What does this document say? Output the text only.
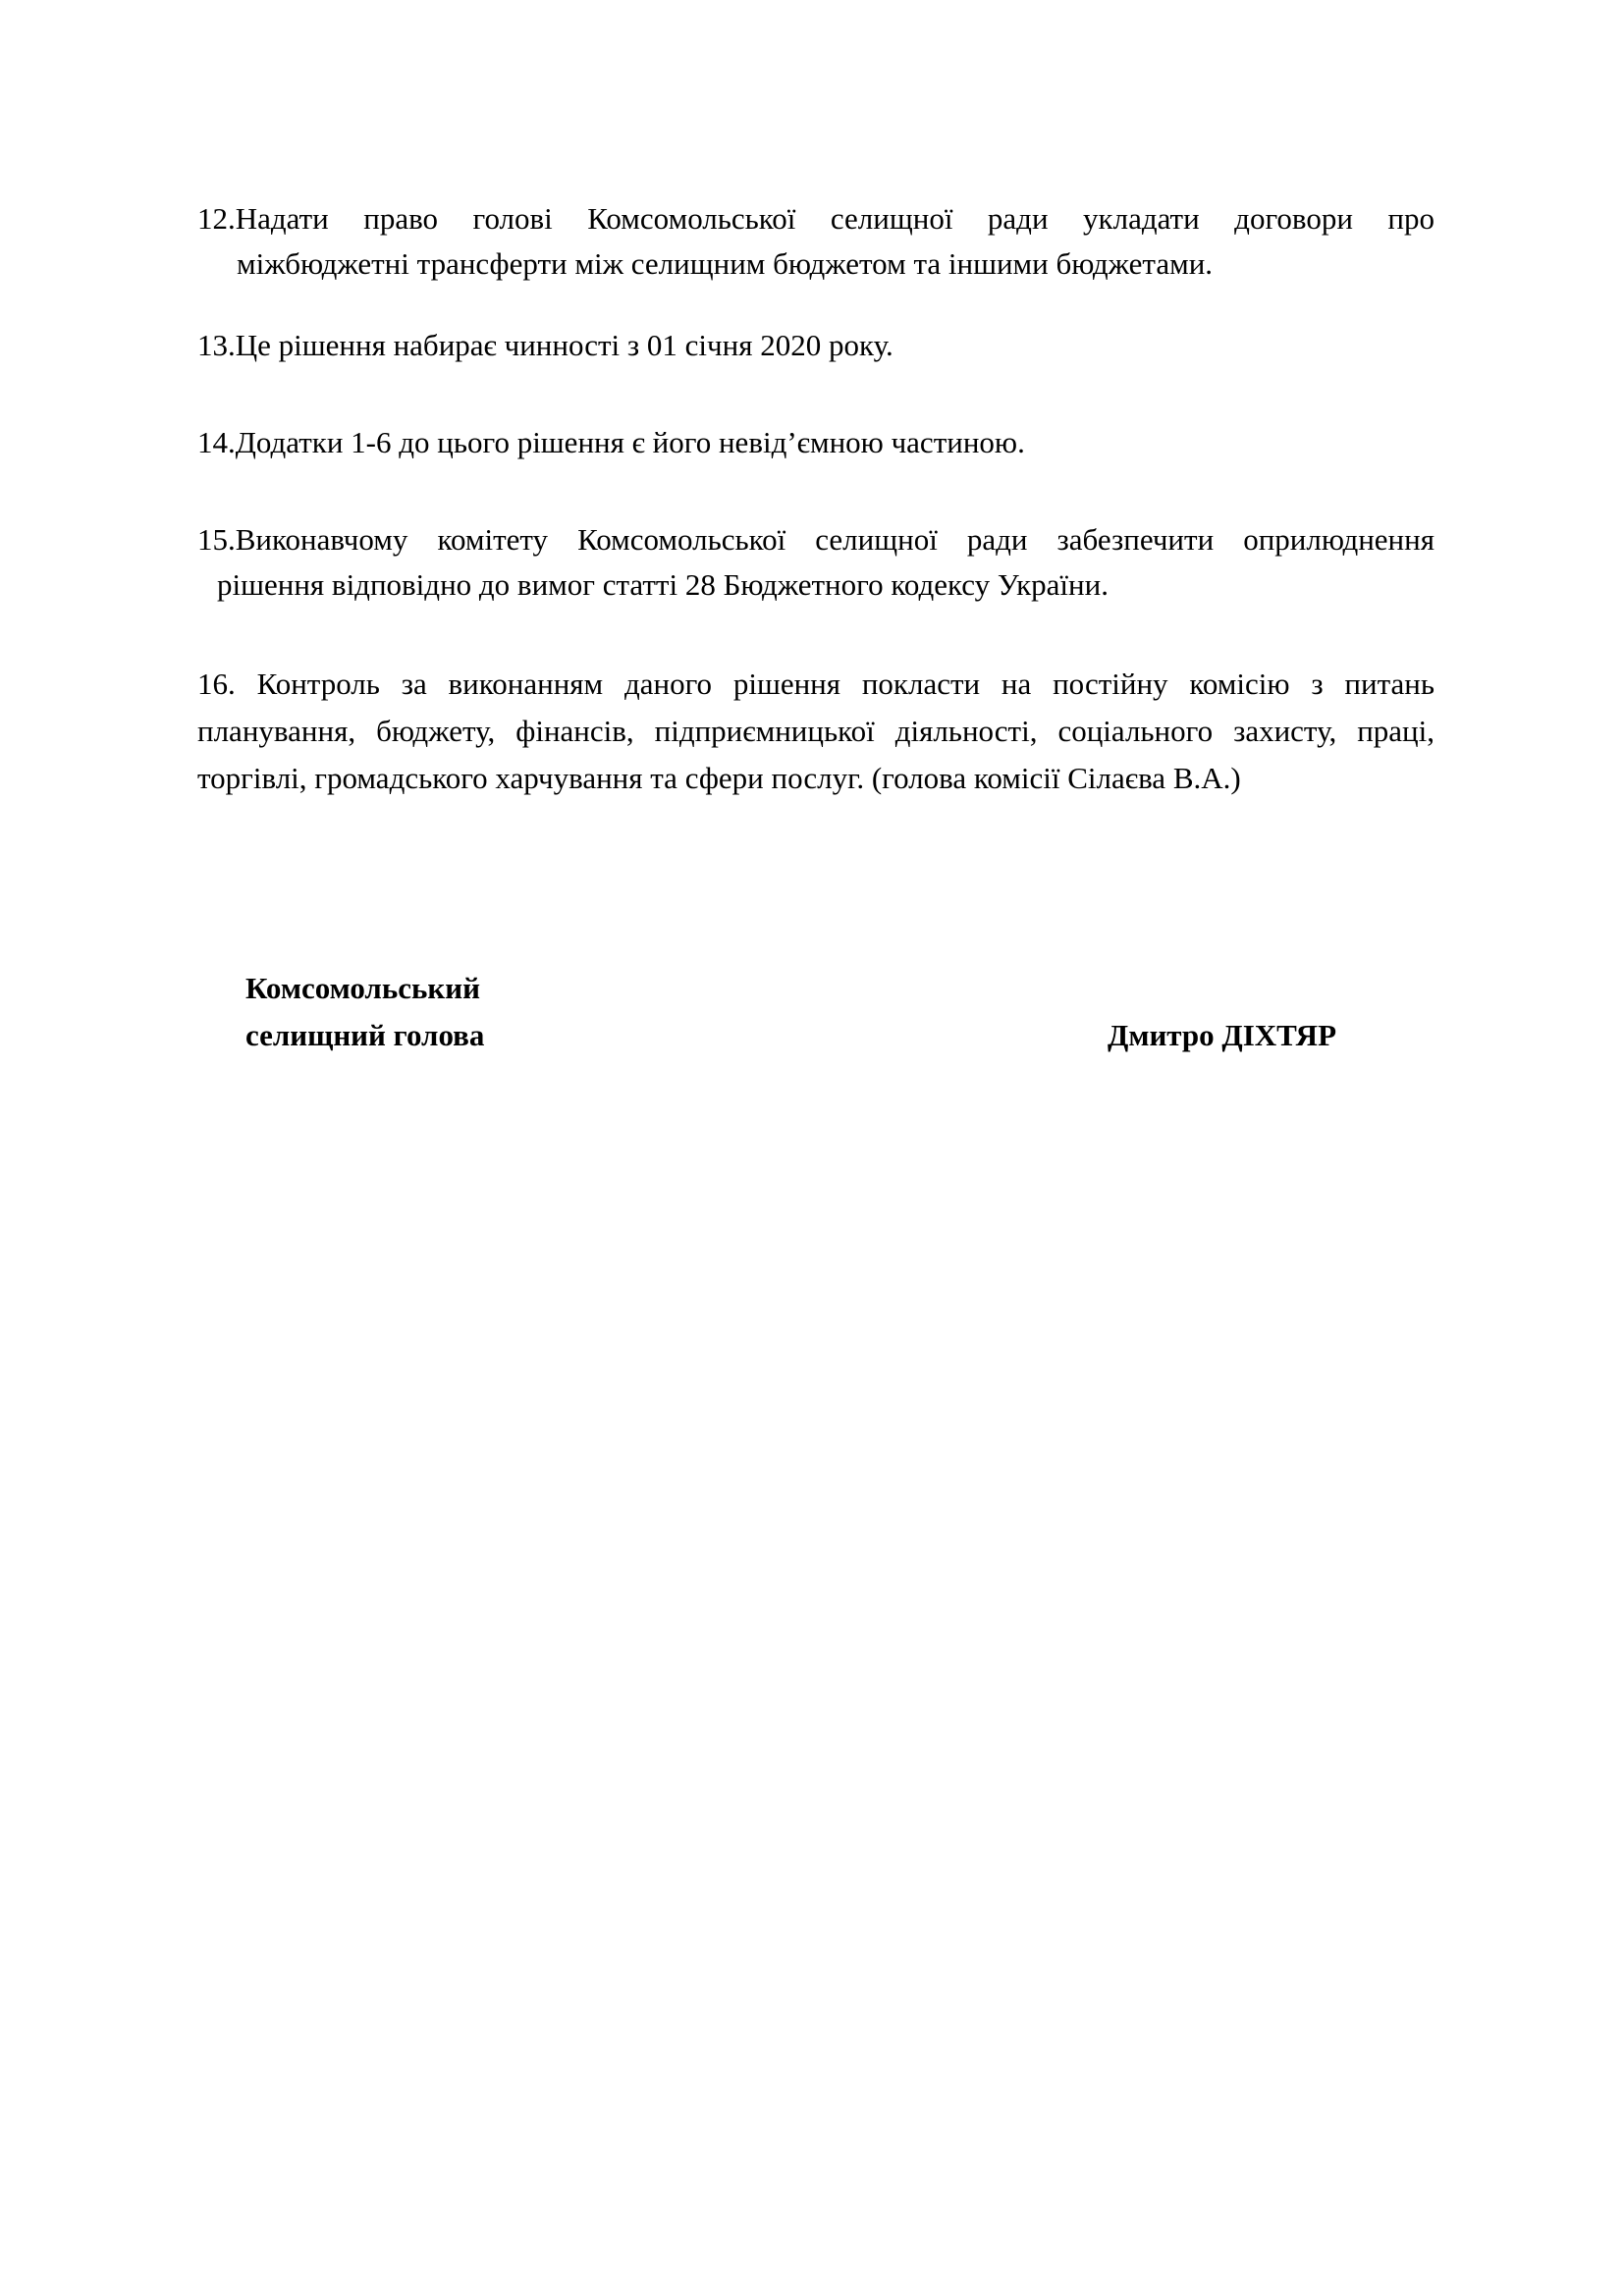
12.Надати право голові Комсомольської селищної ради укладати договори про
міжбюджетні трансферти між селищним бюджетом та іншими бюджетами.

13.Це рішення набирає чинності з 01 січня 2020 року.

14.Додатки 1-6 до цього рішення є його невід’ємною частиною.

15.Виконавчому комітету Комсомольської селищної ради забезпечити оприлюднення
рішення відповідно до вимог статті 28 Бюджетного кодексу України.

16. Контроль за виконанням даного рішення покласти на постійну комісію з питань планування, бюджету, фінансів, підприємницької діяльності, соціального захисту, праці, торгівлі, громадського харчування та сфери послуг. (голова комісії Сілаєва В.А.)

Комсомольський
селищний голова	Дмитро ДІХТЯР
